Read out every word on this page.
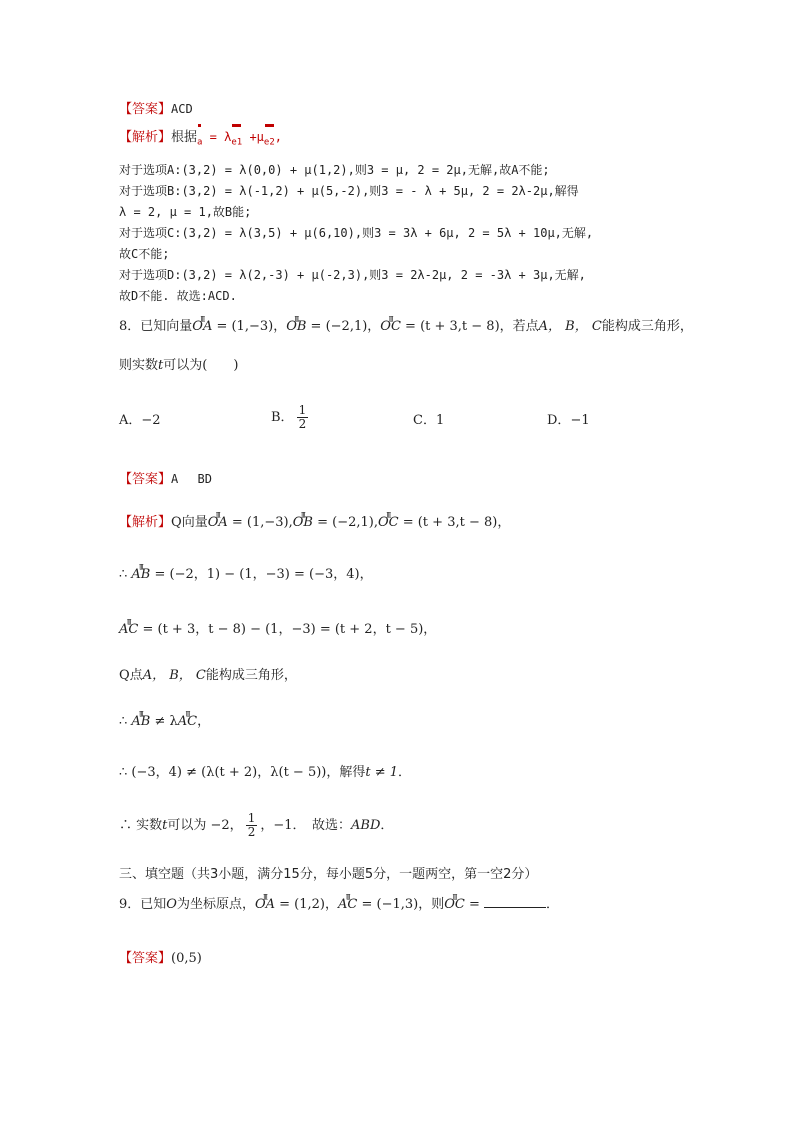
【答案】ACD
【解析】根据$_a = \lambda_{e1} +\mu_{e2}$,
对于选项A:(3,2) = λ(0,0) + μ(1,2),则3 = μ, 2 = 2μ,无解,故A不能;
对于选项B:(3,2) = λ(-1,2) + μ(5,-2),则3 = - λ + 5μ, 2 = 2λ-2μ,解得
λ = 2, μ = 1,故B能;
对于选项C:(3,2) = λ(3,5) + μ(6,10),则3 = 3λ + 6μ, 2 = 5λ + 10μ,无解,
故C不能;
对于选项D:(3,2) = λ(2,-3) + μ(-2,3),则3 = 2λ-2μ, 2 = -3λ + 3μ,无解,
故D不能. 故选:ACD.
8．已知向量ꞁꞁꞁ OA = (1,−3)，ꞁꞁꞁ OB = (−2,1)，ꞁꞁꞁ OC = (t + 3,t − 8)，若点A， B， C能构成三角形，
则实数t可以为(　　)
A．−2	B． $\frac{1}{2}$	C．1	D．−1
【答案】A　 BD
【解析】Q向量ꞁꞁꞁ OA = (1,−3),ꞁꞁꞁ OB = (−2,1),ꞁꞁꞁ OC = (t + 3,t − 8)，
∴ ꞁꞁꞁ AB = (−2，1) − (1，−3) = (−3，4)，
ꞁꞁꞁ AC = (t + 3，t − 8) − (1，−3) = (t + 2，t − 5)，
Q点A， B， C能构成三角形，
∴ ꞁꞁꞁ AB ≠ λꞁꞁꞁ AC，
∴ (−3，4) ≠ (λ(t + 2)，λ(t − 5))，解得t ≠ 1．
∴ 实数t可以为 −2， $\frac{1}{2}$ ，−1．　故选：ABD．
三、填空题（共3小题，满分15分，每小题5分，一题两空，第一空2分）
9．已知O为坐标原点，ꞁꞁꞁ OA = (1,2)，ꞁꞁꞁ AC = (−1,3)，则ꞁꞁꞁ OC =	．
【答案】(0,5)
